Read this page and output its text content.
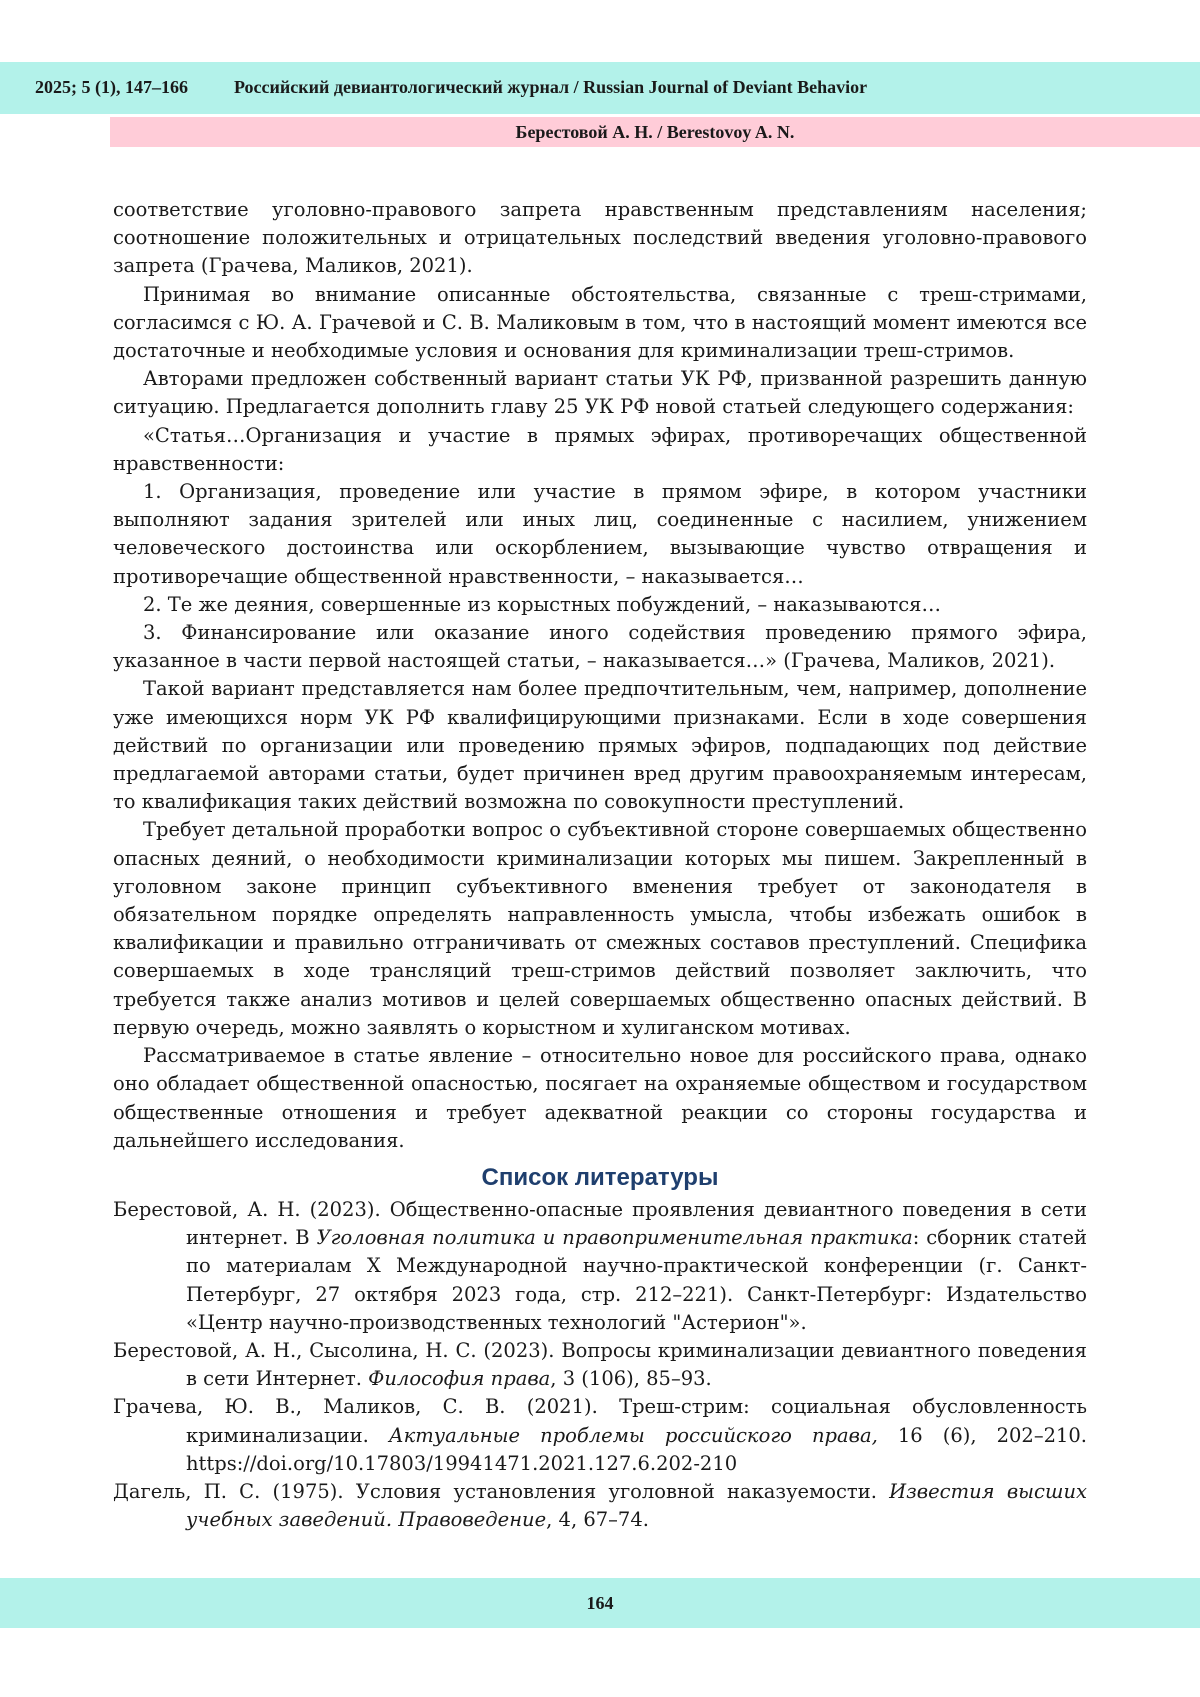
2025; 5 (1), 147–166	Российский девиантологический журнал / Russian Journal of Deviant Behavior
Берестовой А. Н. / Berestovoy A. N.

соответствие уголовно-правового запрета нравственным представлениям населения; соотношение положительных и отрицательных последствий введения уголовно-правового запрета (Грачева, Маликов, 2021).

Принимая во внимание описанные обстоятельства, связанные с треш-стримами, согласимся с Ю. А. Грачевой и С. В. Маликовым в том, что в настоящий момент имеются все достаточные и необходимые условия и основания для криминализации треш-стримов.

Авторами предложен собственный вариант статьи УК РФ, призванной разрешить данную ситуацию. Предлагается дополнить главу 25 УК РФ новой статьей следующего содержания:

«Статья…Организация и участие в прямых эфирах, противоречащих общественной нравственности:

1. Организация, проведение или участие в прямом эфире, в котором участники выполняют задания зрителей или иных лиц, соединенные с насилием, унижением человеческого достоинства или оскорблением, вызывающие чувство отвращения и противоречащие общественной нравственности, – наказывается…

2. Те же деяния, совершенные из корыстных побуждений, – наказываются…

3. Финансирование или оказание иного содействия проведению прямого эфира, указанное в части первой настоящей статьи, – наказывается…» (Грачева, Маликов, 2021).

Такой вариант представляется нам более предпочтительным, чем, например, дополнение уже имеющихся норм УК РФ квалифицирующими признаками. Если в ходе совершения действий по организации или проведению прямых эфиров, подпадающих под действие предлагаемой авторами статьи, будет причинен вред другим правоохраняемым интересам, то квалификация таких действий возможна по совокупности преступлений.

Требует детальной проработки вопрос о субъективной стороне совершаемых общественно опасных деяний, о необходимости криминализации которых мы пишем. Закрепленный в уголовном законе принцип субъективного вменения требует от законодателя в обязательном порядке определять направленность умысла, чтобы избежать ошибок в квалификации и правильно отграничивать от смежных составов преступлений. Специфика совершаемых в ходе трансляций треш-стримов действий позволяет заключить, что требуется также анализ мотивов и целей совершаемых общественно опасных действий. В первую очередь, можно заявлять о корыстном и хулиганском мотивах.

Рассматриваемое в статье явление – относительно новое для российского права, однако оно обладает общественной опасностью, посягает на охраняемые обществом и государством общественные отношения и требует адекватной реакции со стороны государства и дальнейшего исследования.

Список литературы

Берестовой, А. Н. (2023). Общественно-опасные проявления девиантного поведения в сети интернет. В Уголовная политика и правоприменительная практика: сборник статей по материалам X Международной научно-практической конференции (г. Санкт-Петербург, 27 октября 2023 года, стр. 212–221). Санкт-Петербург: Издательство «Центр научно-производственных технологий "Астерион"».

Берестовой, А. Н., Сысолина, Н. С. (2023). Вопросы криминализации девиантного поведения в сети Интернет. Философия права, 3 (106), 85–93.

Грачева, Ю. В., Маликов, С. В. (2021). Треш-стрим: социальная обусловленность криминализации. Актуальные проблемы российского права, 16 (6), 202–210. https://doi.org/10.17803/19941471.2021.127.6.202-210

Дагель, П. С. (1975). Условия установления уголовной наказуемости. Известия высших учебных заведений. Правоведение, 4, 67–74.

164
